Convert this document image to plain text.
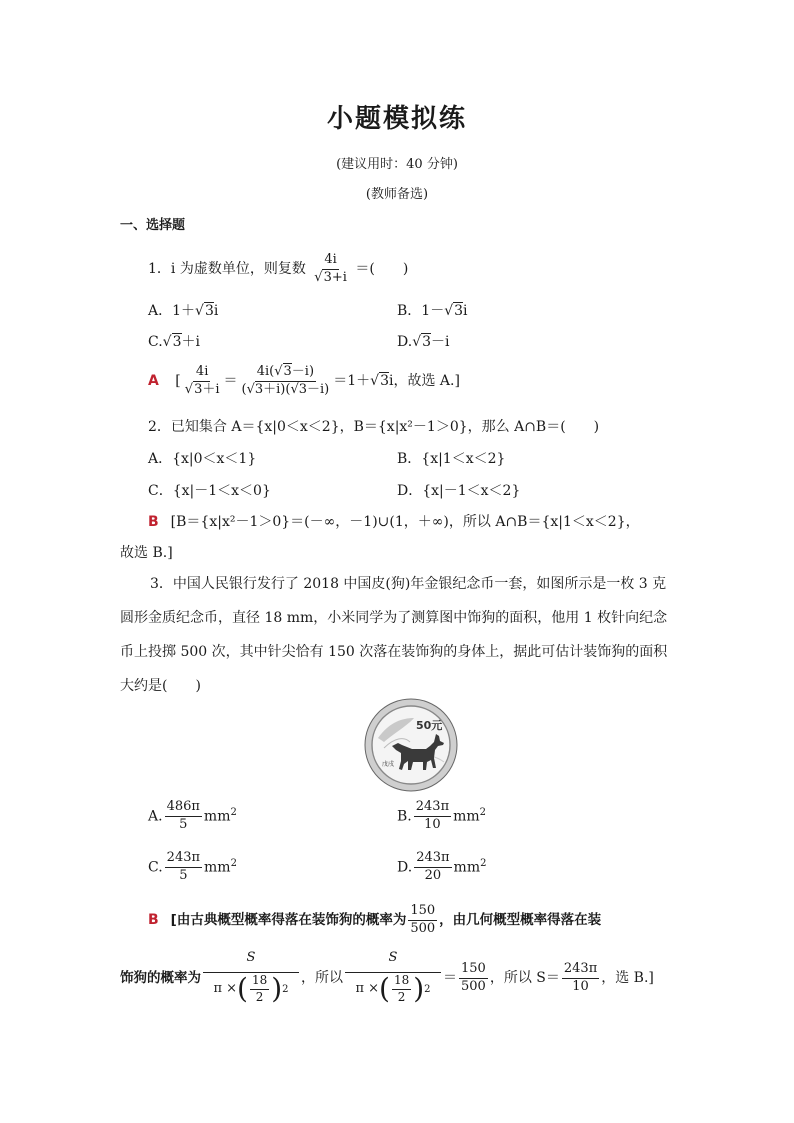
小题模拟练
(建议用时：40 分钟)
(教师备选)
一、选择题
1．i 为虚数单位，则复数 4i
√ 3+i ＝(　　)
A．1＋√ 3i	B．1－√ 3i
C.√ 3＋i	D.√ 3－i
A [ 4i
√ $3+i = \frac{4i(√ 3-i)}{(√3+i)(√3-i)} =1+√$ 3i，故选 A.]
2．已知集合 A＝{x|0＜x＜2}，B＝{x|x²－1＞0}，那么 A∩B＝(　　)
A．{x|0＜x＜1}	B．{x|1＜x＜2}
C．{x|－1＜x＜0}	D．{x|－1＜x＜2}
B [B＝{x|x²－1＞0}＝(－∞，－1)∪(1，＋∞)，所以 A∩B＝{x|1＜x＜2}，
故选 B.]
3．中国人民银行发行了 2018 中国皮(狗)年金银纪念币一套，如图所示是一枚 3 克圆形金质纪念币，直径 18 mm，小米同学为了测算图中饰狗的面积，他用 1 枚针向纪念币上投掷 500 次，其中针尖恰有 150 次落在装饰狗的身体上，据此可估计装饰狗的面积大约是(　　)
50元
戊戌
A. $\frac{486\pi}{5} mm^2$	B. $\frac{243\pi}{10} mm^2$
C. $\frac{243\pi}{5} mm^2$	D. $\frac{243\pi}{20} mm^2$
B [由古典概型概率得落在装饰狗的概率为 $\frac{150}{500}$ ，由几何概型概率得落在装
饰狗的概率为 $\frac{S}{\pi \times ( \frac{18}{2} ) 2}$ ，所以 $\frac{S}{\pi \times ( \frac{18}{2} ) 2} = \frac{150}{500}$ ，所以 $S= \frac{243\pi}{10}$ ，选 B.]
